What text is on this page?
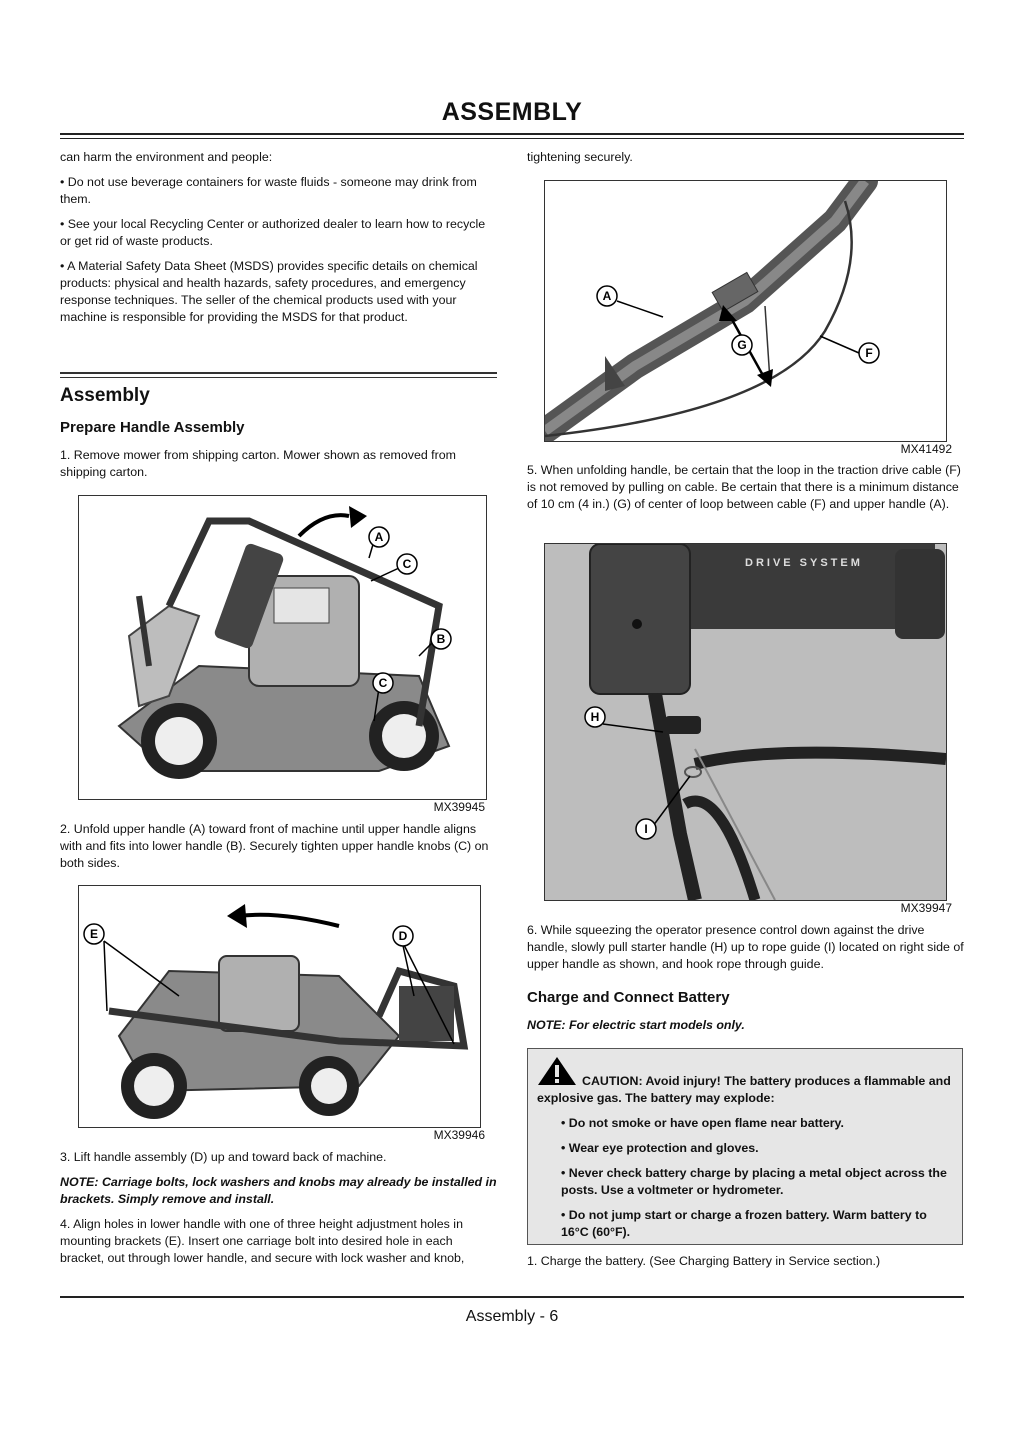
ASSEMBLY

can harm the environment and people:

• Do not use beverage containers for waste fluids - someone may drink from them.

• See your local Recycling Center or authorized dealer to learn how to recycle or get rid of waste products.

• A Material Safety Data Sheet (MSDS) provides specific details on chemical products: physical and health hazards, safety procedures, and emergency response techniques. The seller of the chemical products used with your machine is responsible for providing the MSDS for that product.

Assembly
Prepare Handle Assembly

1. Remove mower from shipping carton. Mower shown as removed from shipping carton.

A
C
B
C
MX39945

2. Unfold upper handle (A) toward front of machine until upper handle aligns with and fits into lower handle (B). Securely tighten upper handle knobs (C) on both sides.

E	D
MX39946

3. Lift handle assembly (D) up and toward back of machine.

NOTE: Carriage bolts, lock washers and knobs may already be installed in brackets. Simply remove and install.

4. Align holes in lower handle with one of three height adjustment holes in mounting brackets (E). Insert one carriage bolt into desired hole in each bracket, out through lower handle, and secure with lock washer and knob,

tightening securely.

A
G
F
MX41492

5. When unfolding handle, be certain that the loop in the traction drive cable (F) is not removed by pulling on cable. Be certain that there is a minimum distance of 10 cm (4 in.) (G) of center of loop between cable (F) and upper handle (A).

DRIVE SYSTEM
H
I
MX39947

6. While squeezing the operator presence control down against the drive handle, slowly pull starter handle (H) up to rope guide (I) located on right side of upper handle as shown, and hook rope through guide.

Charge and Connect Battery

NOTE: For electric start models only.

CAUTION: Avoid injury! The battery produces a flammable and explosive gas. The battery may explode:

• Do not smoke or have open flame near battery.

• Wear eye protection and gloves.

• Never check battery charge by placing a metal object across the posts. Use a voltmeter or hydrometer.

• Do not jump start or charge a frozen battery. Warm battery to 16°C (60°F).

1. Charge the battery. (See Charging Battery in Service section.)

Assembly - 6
